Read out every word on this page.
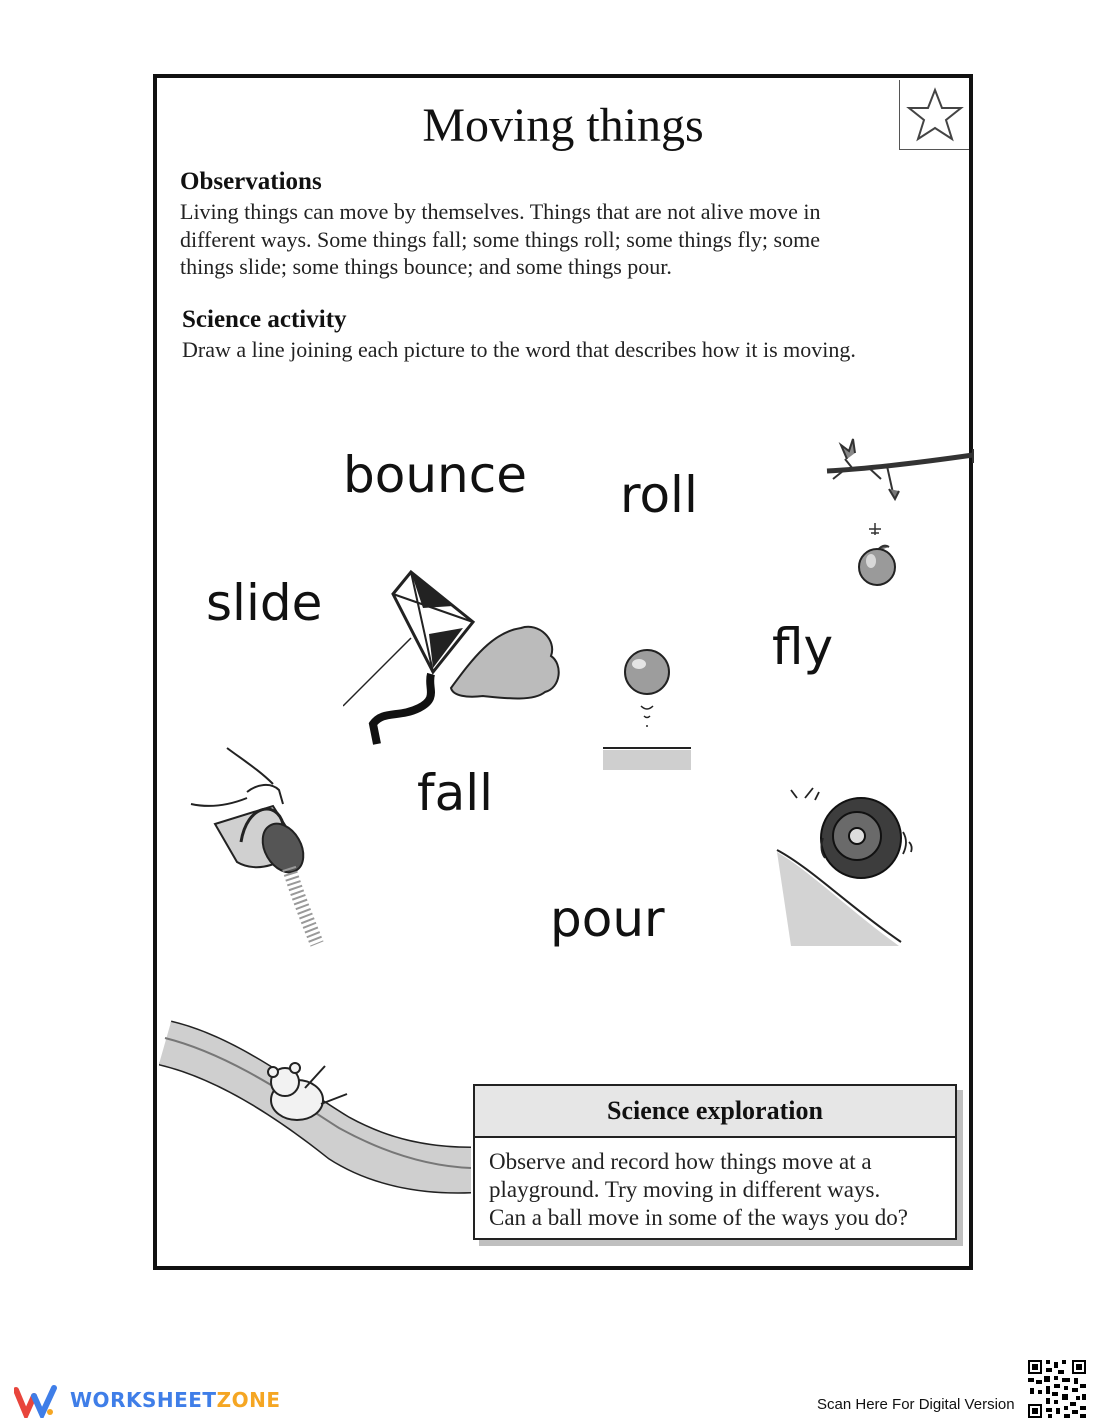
Moving things
Observations
Living things can move by themselves. Things that are not alive move in
different ways. Some things fall; some things roll; some things fly; some
things slide; some things bounce; and some things pour.
Science activity
Draw a line joining each picture to the word that describes how it is moving.
bounce roll
slide
fly
fall
pour
Science exploration
Observe and record how things move at a
playground. Try moving in different ways.
Can a ball move in some of the ways you do?
WORKSHEETZONE	Scan Here For Digital Version
